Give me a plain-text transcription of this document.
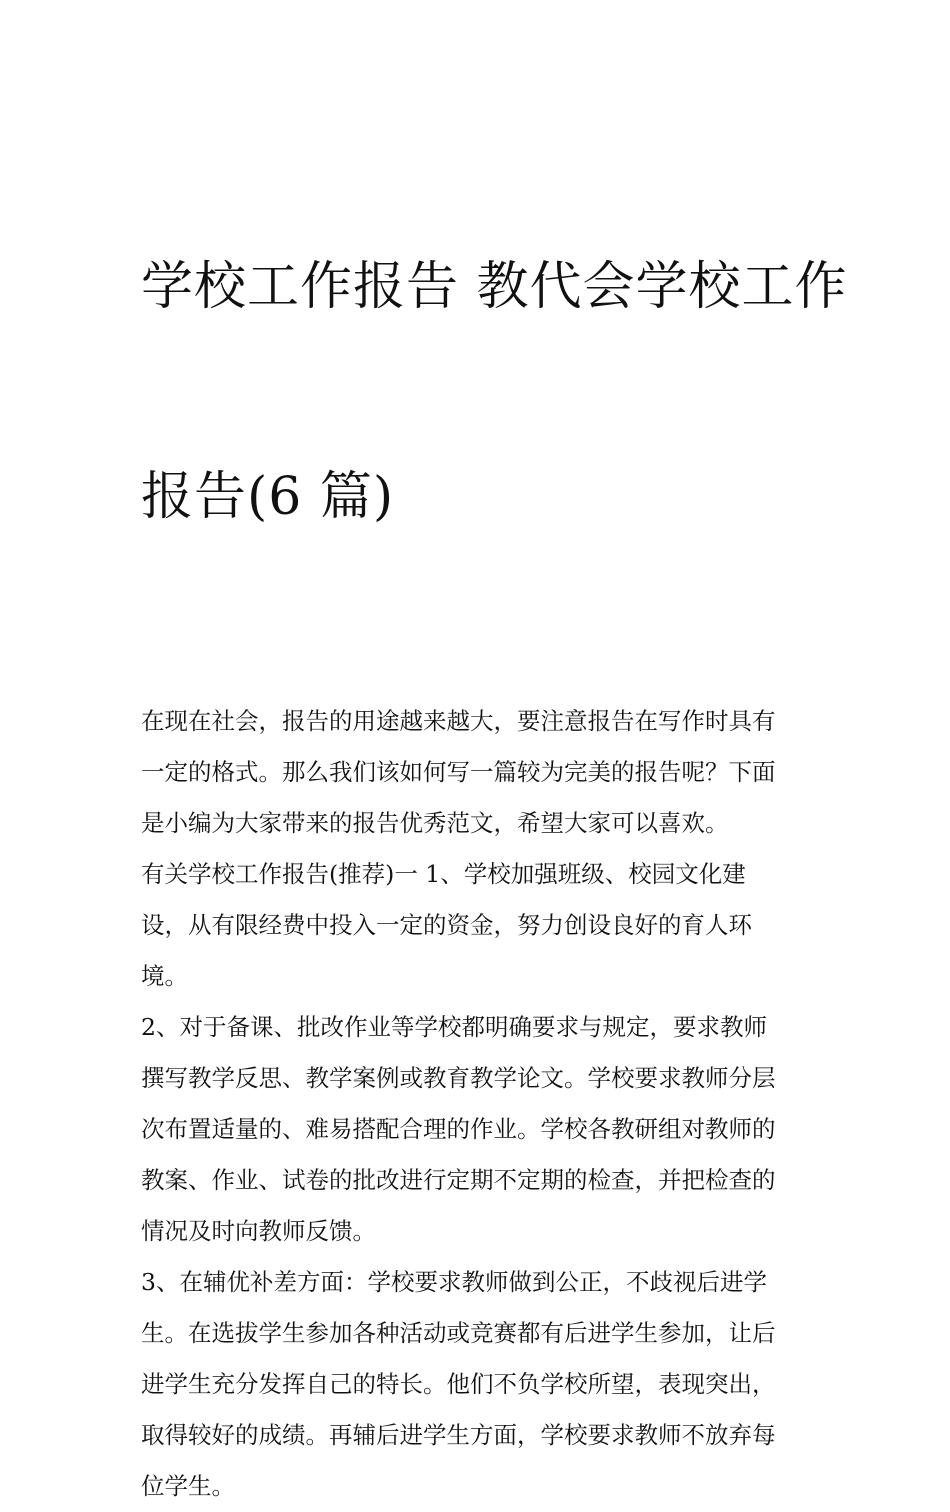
学校工作报告 教代会学校工作

报告(6 篇)

在现在社会，报告的用途越来越大，要注意报告在写作时具有
一定的格式。那么我们该如何写一篇较为完美的报告呢？下面
是小编为大家带来的报告优秀范文，希望大家可以喜欢。
有关学校工作报告(推荐)一 1、学校加强班级、校园文化建
设，从有限经费中投入一定的资金，努力创设良好的育人环
境。
2、对于备课、批改作业等学校都明确要求与规定，要求教师
撰写教学反思、教学案例或教育教学论文。学校要求教师分层
次布置适量的、难易搭配合理的作业。学校各教研组对教师的
教案、作业、试卷的批改进行定期不定期的检查，并把检查的
情况及时向教师反馈。
3、在辅优补差方面：学校要求教师做到公正，不歧视后进学
生。在选拔学生参加各种活动或竞赛都有后进学生参加，让后
进学生充分发挥自己的特长。他们不负学校所望，表现突出，
取得较好的成绩。再辅后进学生方面，学校要求教师不放弃每
位学生。
